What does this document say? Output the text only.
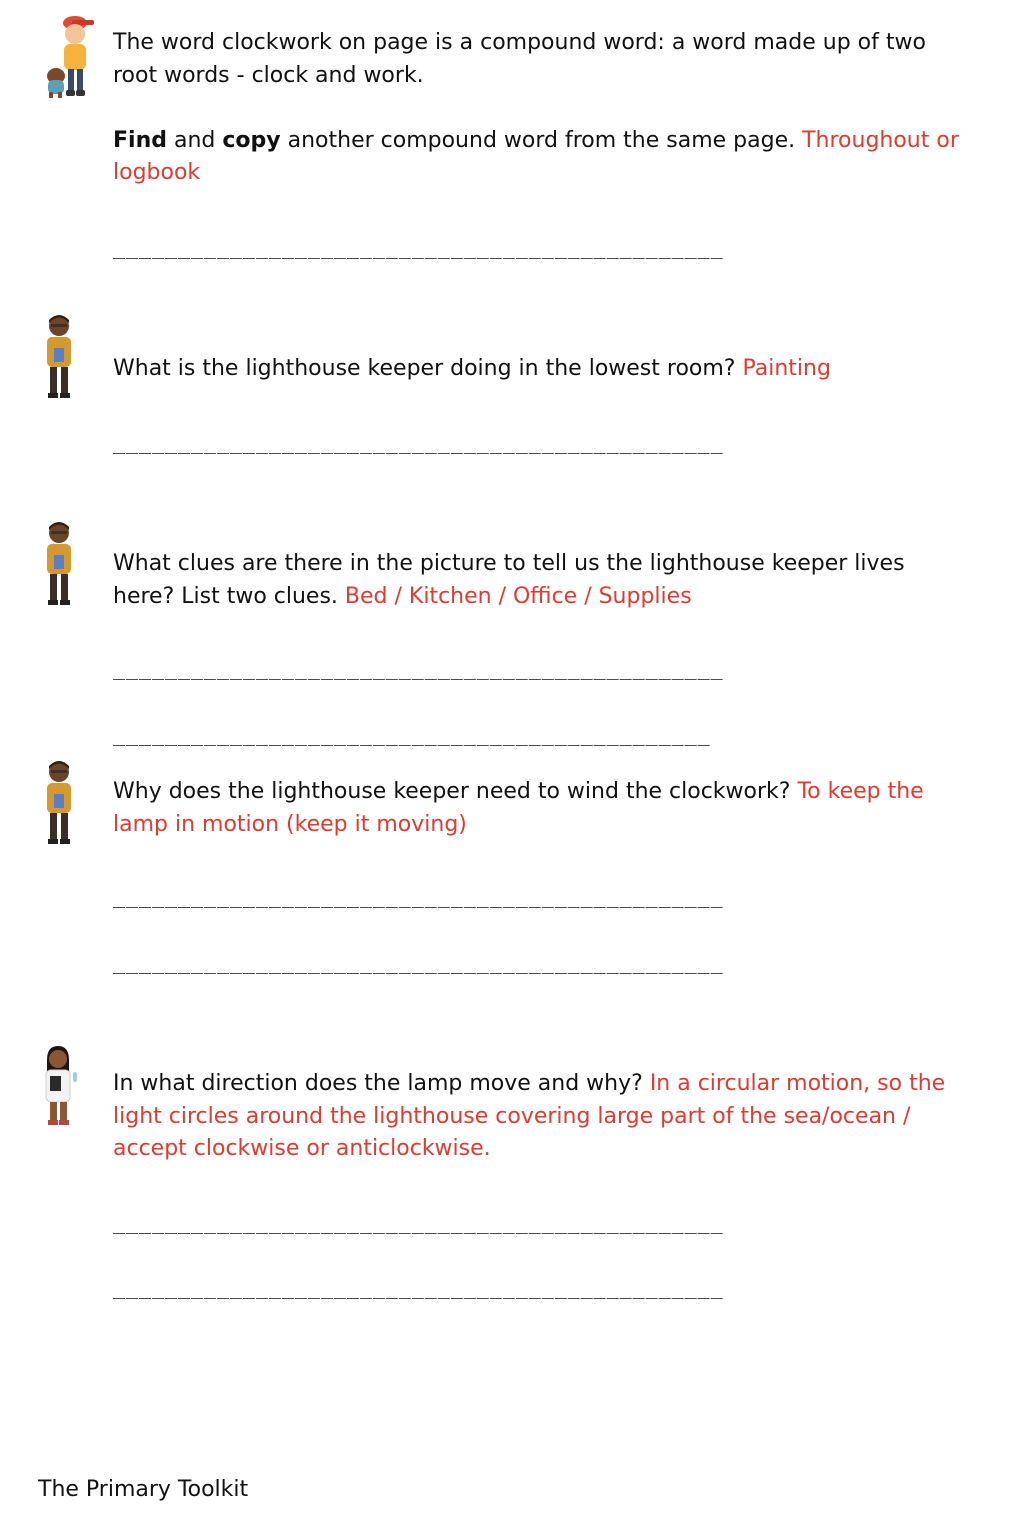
The word clockwork on page is a compound word: a word made up of two root words - clock and work.

Find and copy another compound word from the same page. Throughout or logbook
_______________________________________________
What is the lighthouse keeper doing in the lowest room? Painting
_______________________________________________
What clues are there in the picture to tell us the lighthouse keeper lives here? List two clues. Bed / Kitchen / Office / Supplies
_______________________________________________
______________________________________________
Why does the lighthouse keeper need to wind the clockwork? To keep the lamp in motion (keep it moving)
_______________________________________________
_______________________________________________
In what direction does the lamp move and why? In a circular motion, so the light circles around the lighthouse covering large part of the sea/ocean / accept clockwise or anticlockwise.
_______________________________________________
_______________________________________________
The Primary Toolkit
